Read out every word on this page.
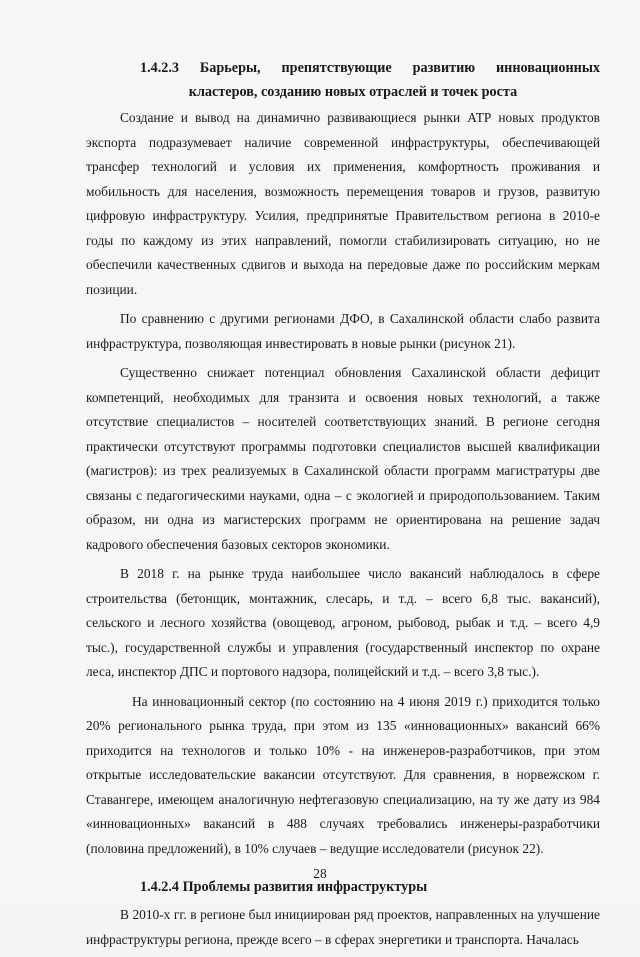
1.4.2.3 Барьеры, препятствующие развитию инновационных
кластеров, созданию новых отраслей и точек роста

Создание и вывод на динамично развивающиеся рынки АТР новых продуктов экспорта подразумевает наличие современной инфраструктуры, обеспечивающей трансфер технологий и условия их применения, комфортность проживания и мобильность для населения, возможность перемещения товаров и грузов, развитую цифровую инфраструктуру. Усилия, предпринятые Правительством региона в 2010-е годы по каждому из этих направлений, помогли стабилизировать ситуацию, но не обеспечили качественных сдвигов и выхода на передовые даже по российским меркам позиции.

По сравнению с другими регионами ДФО, в Сахалинской области слабо развита инфраструктура, позволяющая инвестировать в новые рынки (рисунок 21).

Существенно снижает потенциал обновления Сахалинской области дефицит компетенций, необходимых для транзита и освоения новых технологий, а также отсутствие специалистов – носителей соответствующих знаний. В регионе сегодня практически отсутствуют программы подготовки специалистов высшей квалификации (магистров): из трех реализуемых в Сахалинской области программ магистратуры две связаны с педагогическими науками, одна – с экологией и природопользованием. Таким образом, ни одна из магистерских программ не ориентирована на решение задач кадрового обеспечения базовых секторов экономики.

В 2018 г. на рынке труда наибольшее число вакансий наблюдалось в сфере строительства (бетонщик, монтажник, слесарь, и т.д. – всего 6,8 тыс. вакансий), сельского и лесного хозяйства (овощевод, агроном, рыбовод, рыбак и т.д. – всего 4,9 тыс.), государственной службы и управления (государственный инспектор по охране леса, инспектор ДПС и портового надзора, полицейский и т.д. – всего 3,8 тыс.).

На инновационный сектор (по состоянию на 4 июня 2019 г.) приходится только 20% регионального рынка труда, при этом из 135 «инновационных» вакансий 66% приходится на технологов и только 10% - на инженеров-разработчиков, при этом открытые исследовательские вакансии отсутствуют. Для сравнения, в норвежском г. Ставангере, имеющем аналогичную нефтегазовую специализацию, на ту же дату из 984 «инновационных» вакансий в 488 случаях требовались инженеры-разработчики (половина предложений), в 10% случаев – ведущие исследователи (рисунок 22).

1.4.2.4 Проблемы развития инфраструктуры

В 2010-х гг. в регионе был инициирован ряд проектов, направленных на улучшение инфраструктуры региона, прежде всего – в сферах энергетики и транспорта. Началась

28
